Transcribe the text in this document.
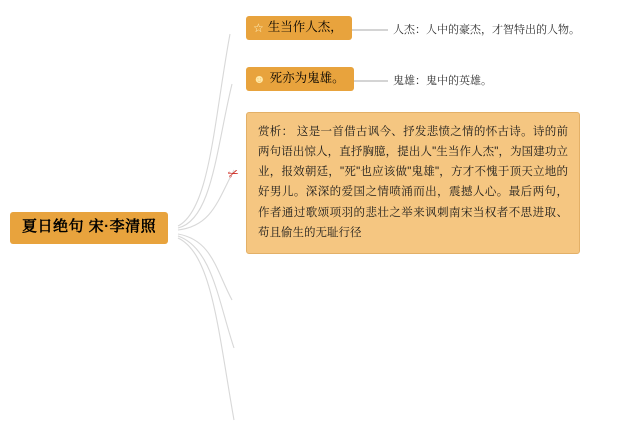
夏日绝句 宋·李清照
☆ 生当作人杰，
☻ 死亦为鬼雄。
人杰：人中的豪杰，才智特出的人物。
鬼雄：鬼中的英雄。
✂
赏析： 这是一首借古讽今、抒发悲愤之情的怀古诗。诗的前两句语出惊人，直抒胸臆，提出人"生当作人杰"，为国建功立业，报效朝廷，"死"也应该做"鬼雄"，方才不愧于顶天立地的好男儿。深深的爱国之情喷涌而出，震撼人心。最后两句，作者通过歌颂项羽的悲壮之举来讽刺南宋当权者不思进取、苟且偷生的无耻行径
